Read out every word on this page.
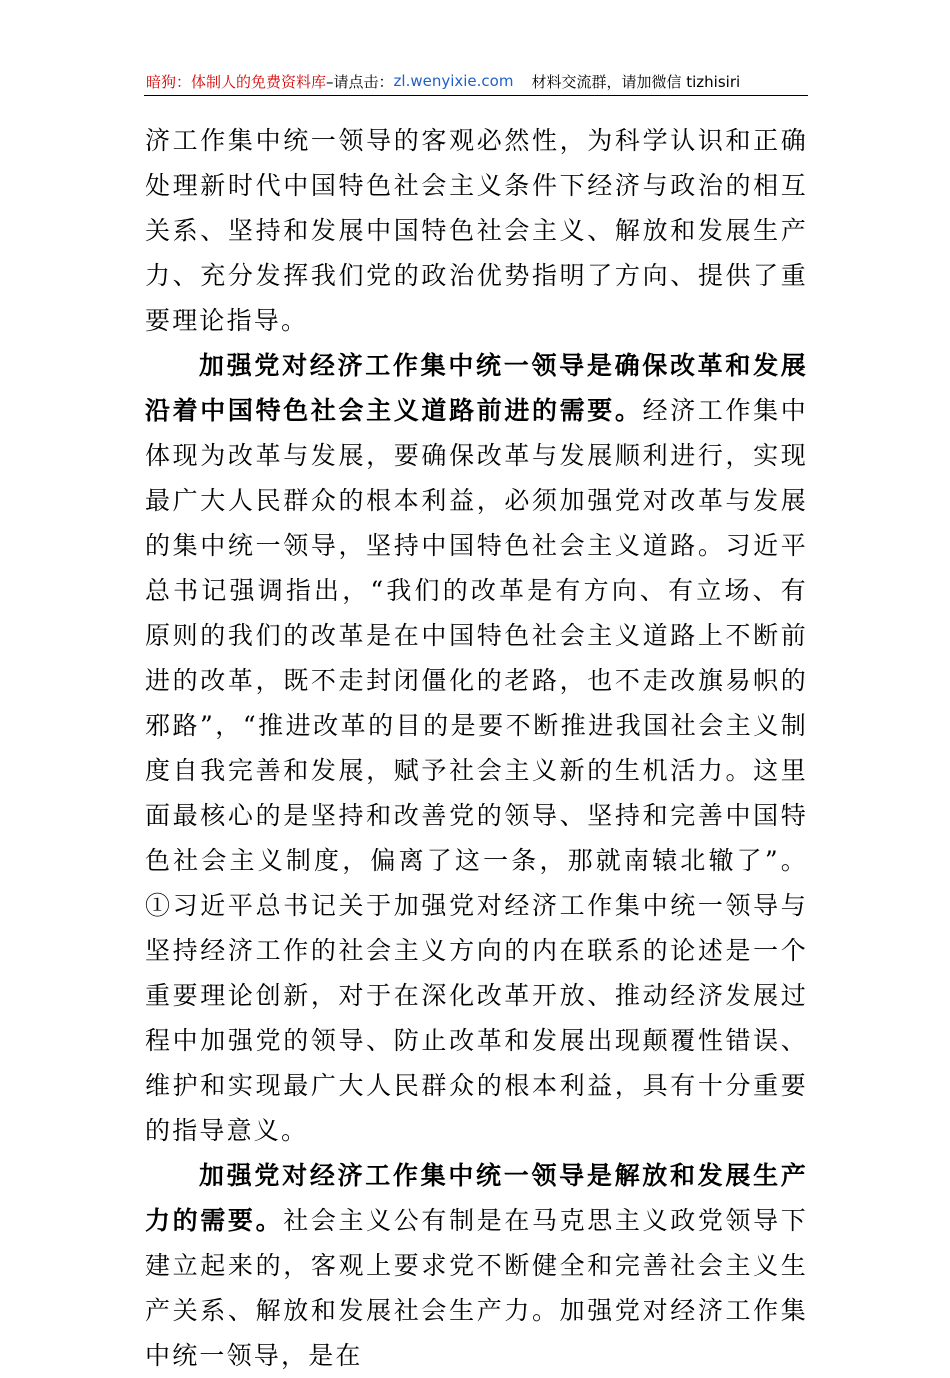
暗狗：体制人的免费资料库 –请点击： zl.wenyixie.com 材料交流群，请加微信 tizhisiri

济工作集中统一领导的客观必然性，为科学认识和正确处理新时代中国特色社会主义条件下经济与政治的相互关系、坚持和发展中国特色社会主义、解放和发展生产力、充分发挥我们党的政治优势指明了方向、提供了重要理论指导。

加强党对经济工作集中统一领导是确保改革和发展沿着中国特色社会主义道路前进的需要。经济工作集中体现为改革与发展，要确保改革与发展顺利进行，实现最广大人民群众的根本利益，必须加强党对改革与发展的集中统一领导，坚持中国特色社会主义道路。习近平总书记强调指出，“我们的改革是有方向、有立场、有原则的我们的改革是在中国特色社会主义道路上不断前进的改革，既不走封闭僵化的老路，也不走改旗易帜的邪路”，“推进改革的目的是要不断推进我国社会主义制度自我完善和发展，赋予社会主义新的生机活力。这里面最核心的是坚持和改善党的领导、坚持和完善中国特色社会主义制度，偏离了这一条，那就南辕北辙了”。①习近平总书记关于加强党对经济工作集中统一领导与坚持经济工作的社会主义方向的内在联系的论述是一个重要理论创新，对于在深化改革开放、推动经济发展过程中加强党的领导、防止改革和发展出现颠覆性错误、维护和实现最广大人民群众的根本利益，具有十分重要的指导意义。

加强党对经济工作集中统一领导是解放和发展生产力的需要。社会主义公有制是在马克思主义政党领导下建立起来的，客观上要求党不断健全和完善社会主义生产关系、解放和发展社会生产力。加强党对经济工作集中统一领导，是在
